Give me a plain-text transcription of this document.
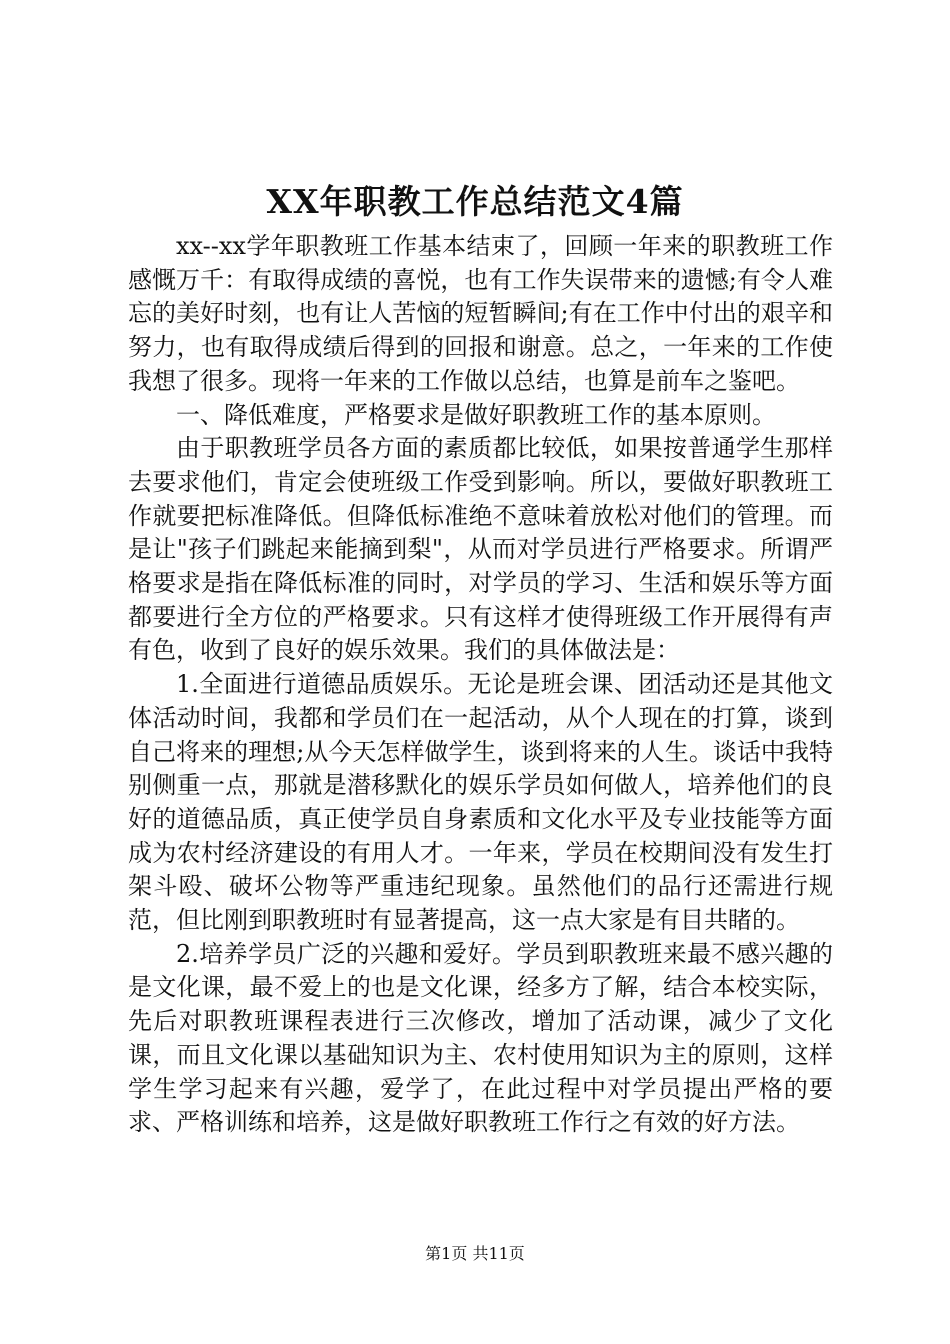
XX年职教工作总结范文4篇

xx--xx学年职教班工作基本结束了，回顾一年来的职教班工作感慨万千：有取得成绩的喜悦，也有工作失误带来的遗憾;有令人难忘的美好时刻，也有让人苦恼的短暂瞬间;有在工作中付出的艰辛和努力，也有取得成绩后得到的回报和谢意。总之，一年来的工作使我想了很多。现将一年来的工作做以总结，也算是前车之鉴吧。

一、降低难度，严格要求是做好职教班工作的基本原则。

由于职教班学员各方面的素质都比较低，如果按普通学生那样去要求他们，肯定会使班级工作受到影响。所以，要做好职教班工作就要把标准降低。但降低标准绝不意味着放松对他们的管理。而是让"孩子们跳起来能摘到梨"，从而对学员进行严格要求。所谓严格要求是指在降低标准的同时，对学员的学习、生活和娱乐等方面都要进行全方位的严格要求。只有这样才使得班级工作开展得有声有色，收到了良好的娱乐效果。我们的具体做法是：

1.全面进行道德品质娱乐。无论是班会课、团活动还是其他文体活动时间，我都和学员们在一起活动，从个人现在的打算，谈到自己将来的理想;从今天怎样做学生，谈到将来的人生。谈话中我特别侧重一点，那就是潜移默化的娱乐学员如何做人，培养他们的良好的道德品质，真正使学员自身素质和文化水平及专业技能等方面成为农村经济建设的有用人才。一年来，学员在校期间没有发生打架斗殴、破坏公物等严重违纪现象。虽然他们的品行还需进行规范，但比刚到职教班时有显著提高，这一点大家是有目共睹的。

2.培养学员广泛的兴趣和爱好。学员到职教班来最不感兴趣的是文化课，最不爱上的也是文化课，经多方了解，结合本校实际，先后对职教班课程表进行三次修改，增加了活动课，减少了文化课，而且文化课以基础知识为主、农村使用知识为主的原则，这样学生学习起来有兴趣，爱学了，在此过程中对学员提出严格的要求、严格训练和培养，这是做好职教班工作行之有效的好方法。

第1页 共11页
